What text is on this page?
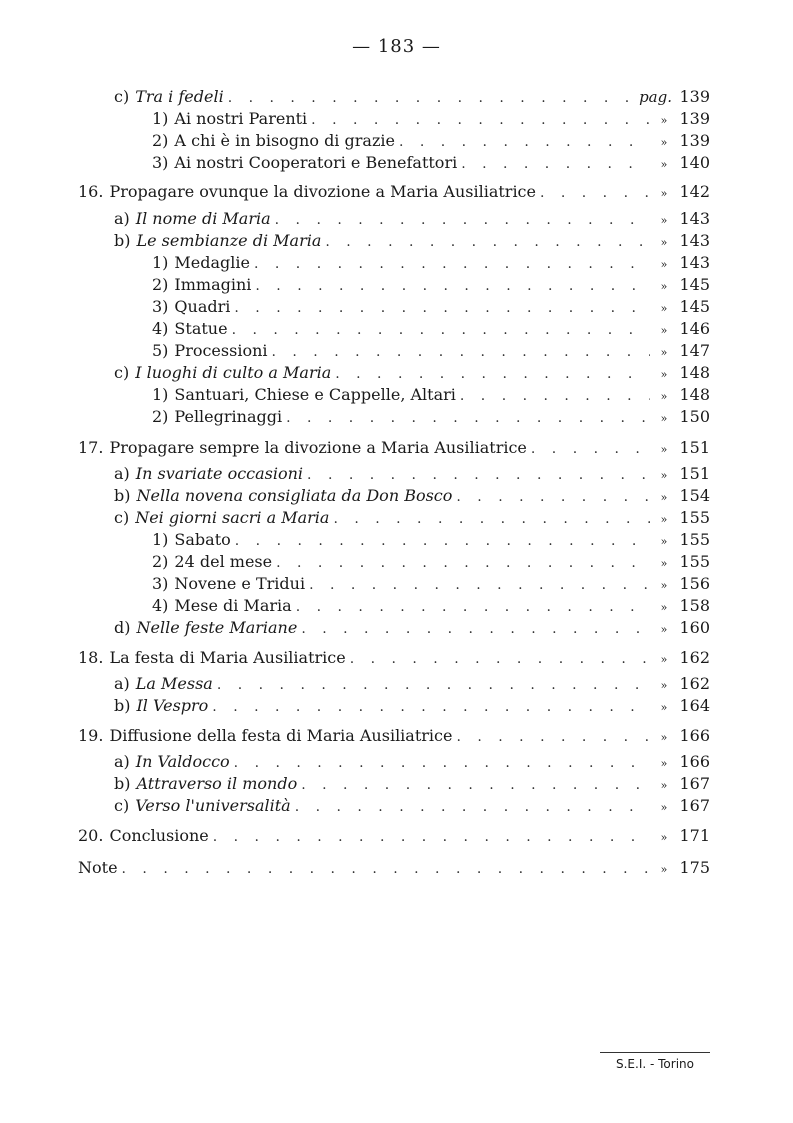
— 183 —
c) Tra i fedeli . . .	pag. 139
1) Ai nostri Parenti . . .	» 139
2) A chi è in bisogno di grazie . . .	» 139
3) Ai nostri Cooperatori e Benefattori . . .	» 140
16. Propagare ovunque la divozione a Maria Ausiliatrice . . .	» 142
a) Il nome di Maria . . .	» 143
b) Le sembianze di Maria . . .	» 143
1) Medaglie . . .	» 143
2) Immagini . . .	» 145
3) Quadri . . .	» 145
4) Statue . . .	» 146
5) Processioni . . .	» 147
c) I luoghi di culto a Maria . . .	» 148
1) Santuari, Chiese e Cappelle, Altari . . .	» 148
2) Pellegrinaggi . . .	» 150
17. Propagare sempre la divozione a Maria Ausiliatrice . . .	» 151
a) In svariate occasioni . . .	» 151
b) Nella novena consigliata da Don Bosco . . .	» 154
c) Nei giorni sacri a Maria . . .	» 155
1) Sabato . . .	» 155
2) 24 del mese . . .	» 155
3) Novene e Tridui . . .	» 156
4) Mese di Maria . . .	» 158
d) Nelle feste Mariane . . .	» 160
18. La festa di Maria Ausiliatrice . . .	» 162
a) La Messa . . .	» 162
b) Il Vespro . . .	» 164
19. Diffusione della festa di Maria Ausiliatrice . . .	» 166
a) In Valdocco . . .	» 166
b) Attraverso il mondo . . .	» 167
c) Verso l'universalità . . .	» 167
20. Conclusione . . .	» 171
Note . . .	» 175
S.E.I. - Torino
